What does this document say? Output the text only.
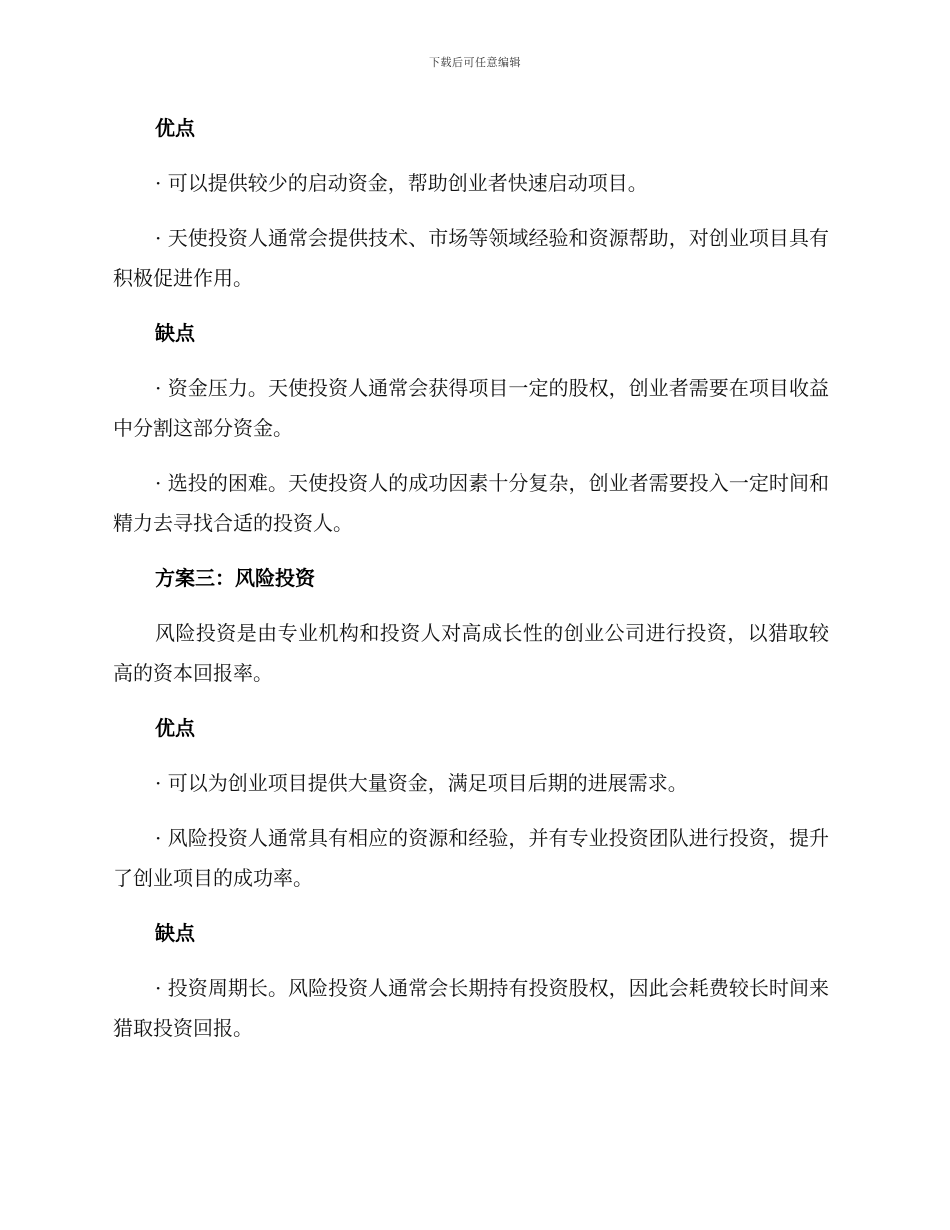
下载后可任意编辑
优点
· 可以提供较少的启动资金，帮助创业者快速启动项目。
· 天使投资人通常会提供技术、市场等领域经验和资源帮助，对创业项目具有积极促进作用。
缺点
· 资金压力。天使投资人通常会获得项目一定的股权，创业者需要在项目收益中分割这部分资金。
· 选投的困难。天使投资人的成功因素十分复杂，创业者需要投入一定时间和精力去寻找合适的投资人。
方案三：风险投资
风险投资是由专业机构和投资人对高成长性的创业公司进行投资，以猎取较高的资本回报率。
优点
· 可以为创业项目提供大量资金，满足项目后期的进展需求。
· 风险投资人通常具有相应的资源和经验，并有专业投资团队进行投资，提升了创业项目的成功率。
缺点
· 投资周期长。风险投资人通常会长期持有投资股权，因此会耗费较长时间来猎取投资回报。
